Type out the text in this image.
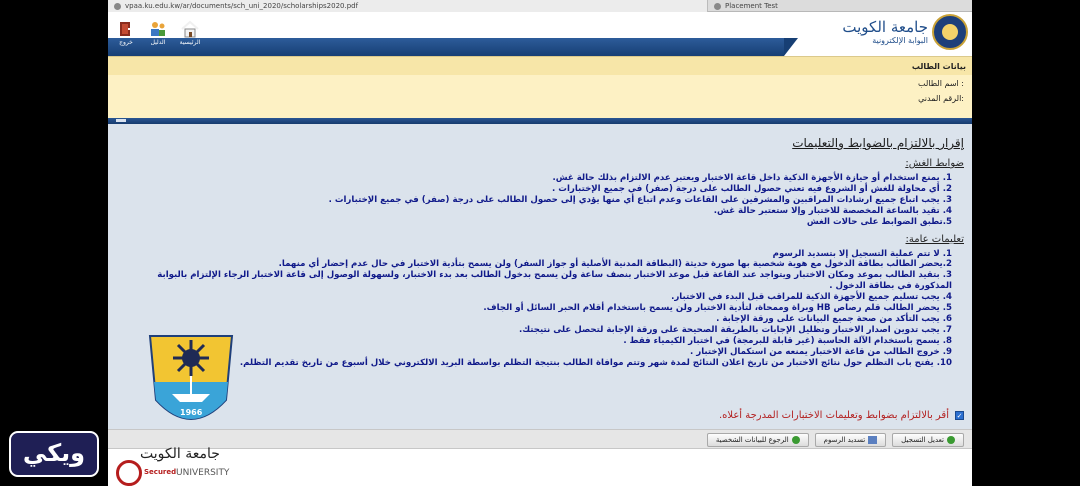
vpaa.ku.edu.kw/ar/documents/sch_uni_2020/scholarships2020.pdf	Placement Test
خروج	الدليل	الرئيسية
جامعة الكويت
البوابة الإلكترونية
بيانات الطالب
اسم الطالب :
الرقم المدني:
إقرار بالالتزام بالضوابط والتعليمات
ضوابط الغش:
1. يمنع استخدام أو حيازة الأجهزة الذكية داخل قاعة الاختبار ويعتبر عدم الالتزام بذلك حالة غش.
2. أي محاولة للغش أو الشروع فيه تعني حصول الطالب على درجة (صفر) في جميع الإختبارات .
3. يجب اتباع جميع ارشادات المراقبين والمشرفين على القاعات وعدم اتباع أي منها يؤدي إلى حصول الطالب على درجة (صفر) في جميع الإختبارات .
4. تقيد بالساعة المخصصة للاختبار وإلا ستعتبر حالة غش.
5.تطبق الضوابط على حالات الغش
تعليمات عامة:
1. لا تتم عملية التسجيل إلا بتسديد الرسوم
2.يحضر الطالب بطاقة الدخول مع هوية شخصية بها صورة حديثة (البطاقة المدنية الأصلية أو جواز السفر) ولن يسمح بتأدية الاختبار في حال عدم إحضار أي منهما.
3. بتقيد الطالب بموعد ومكان الاختبار ويتواجد عند القاعة قبل موعد الاختبار بنصف ساعة ولن يسمح بدخول الطالب بعد بدء الاختبار، ولسهولة الوصول إلى قاعة الاختبار الرجاء الإلتزام بالبوابة المذكورة في بطاقة الدخول .
4. يجب تسليم جميع الأجهزة الذكية للمراقب قبل البدء في الاختبار.
5. يحضر الطالب قلم رصاص HB وبراة وممحاة، لتأدية الاختبار ولن يسمح باستخدام أقلام الحبر السائل أو الجاف.
6. يجب التأكد من صحة جميع البيانات على ورقة الإجابة .
7. يجب تدوين اصدار الاختبار وتظليل الإجابات بالطريقة الصحيحة على ورقة الإجابة لتحصل على نتيجتك.
8. يسمح باستخدام الآلة الحاسبة (غير قابلة للبرمجة) في اختبار الكيمياء فقط .
9. خروج الطالب من قاعة الاختبار يمنعه من استكمال الإختبار .
10. يفتح باب التظلم حول نتائج الاختبار من تاريخ اعلان النتائج لمدة شهر وتتم موافاة الطالب بنتيجة التظلم بواسطة البريد الالكتروني خلال أسبوع من تاريخ تقديم التظلم.
✓
أقر بالالتزام بضوابط وتعليمات الاختبارات المدرجة أعلاه.
1966
تعديل التسجيل
تسديد الرسوم
الرجوع للبيانات الشخصية
جامعة الكويت
UNIVERSITY
Secured
ويكي
